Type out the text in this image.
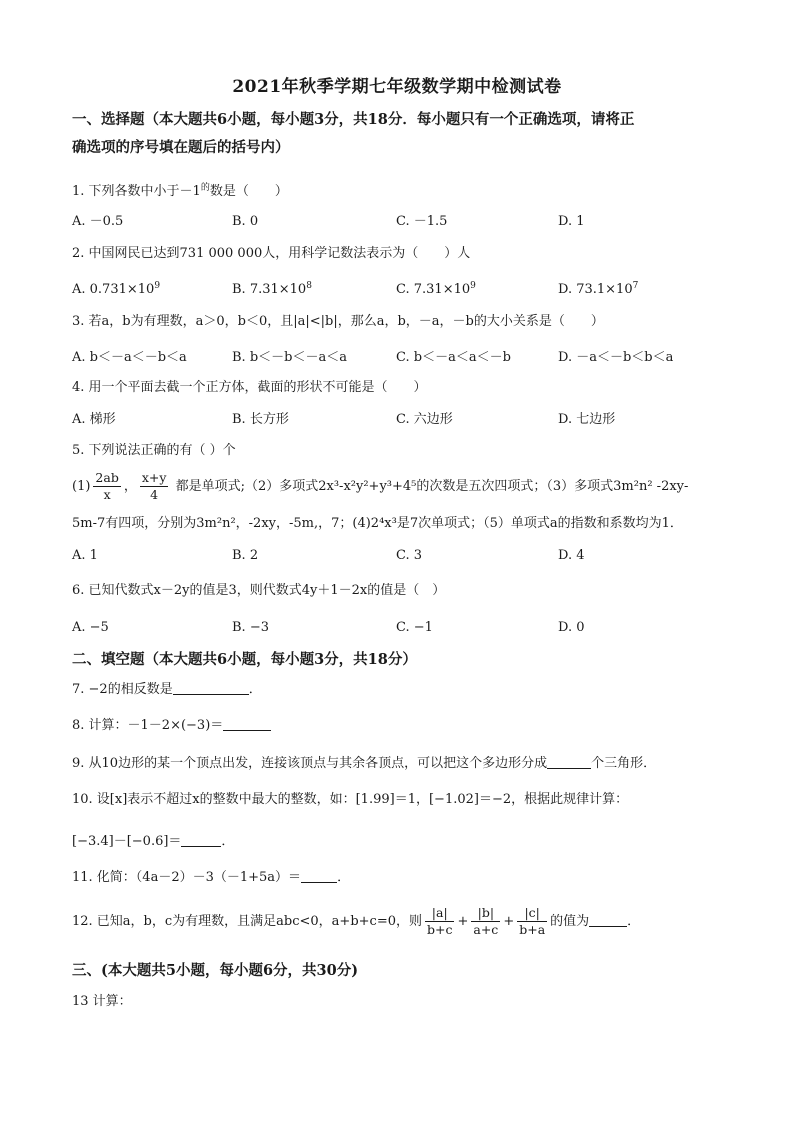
2021年秋季学期七年级数学期中检测试卷
一、选择题（本大题共6小题，每小题3分，共18分．每小题只有一个正确选项，请将正
确选项的序号填在题后的括号内）
1. 下列各数中小于$-1^的$数是（　　）
A. －0.5	B. 0	C. －1.5	D. 1
2. 中国网民已达到731 000 000人，用科学记数法表示为（　　）人
A. $0.731\times 10^9$	B. $7.31\times 10^8$	C. $7.31\times 10^9$	D. $73.1\times 10^7$
3. 若a，b为有理数，a＞0，b＜0，且|a|<|b|，那么a，b，－a，－b的大小关系是（　　）
A. b＜－a＜－b＜a	B. b＜－b＜－a＜a	C. b＜－a＜a＜－b	D. －a＜－b＜b＜a
4. 用一个平面去截一个正方体，截面的形状不可能是（　　）
A. 梯形	B. 长方形	C. 六边形	D. 七边形
5. 下列说法正确的有（ ）个
$(1) \frac{2ab}{x}$ ， $\frac{x+y}{4}$ 都是单项式;（2）多项式2x³-x²y²+y³+4⁵的次数是五次四项式；（3）多项式3m²n² -2xy-
5m-7有四项，分别为3m²n²，-2xy，-5m,，7；(4)2⁴x³是7次单项式；（5）单项式a的指数和系数均为1．
A. 1	B. 2	C. 3	D. 4
6. 已知代数式x－2y的值是3，则代数式4y＋1－2x的值是（　）
A. −5	B. −3	C. −1	D. 0
二、填空题（本大题共6小题，每小题3分，共18分）
7. −2的相反数是	．
8. 计算：－1－2×(−3)＝
9. 从10边形的某一个顶点出发，连接该顶点与其余各顶点，可以把这个多边形分成	个三角形．
10. 设[x]表示不超过x的整数中最大的整数，如：[1.99]＝1，[−1.02]＝−2，根据此规律计算：
[−3.4]－[−0.6]＝	．
11. 化简：（4a－2）－3（－1+5a）＝	．
12. 已知a，b，c为有理数，且满足abc<0，a+b+c=0，则 $\frac{|a|}{b+c} + \frac{|b|}{a+c} + \frac{|c|}{b+a}$ 的值为	．
三、(本大题共5小题，每小题6分，共30分)
13 计算：
